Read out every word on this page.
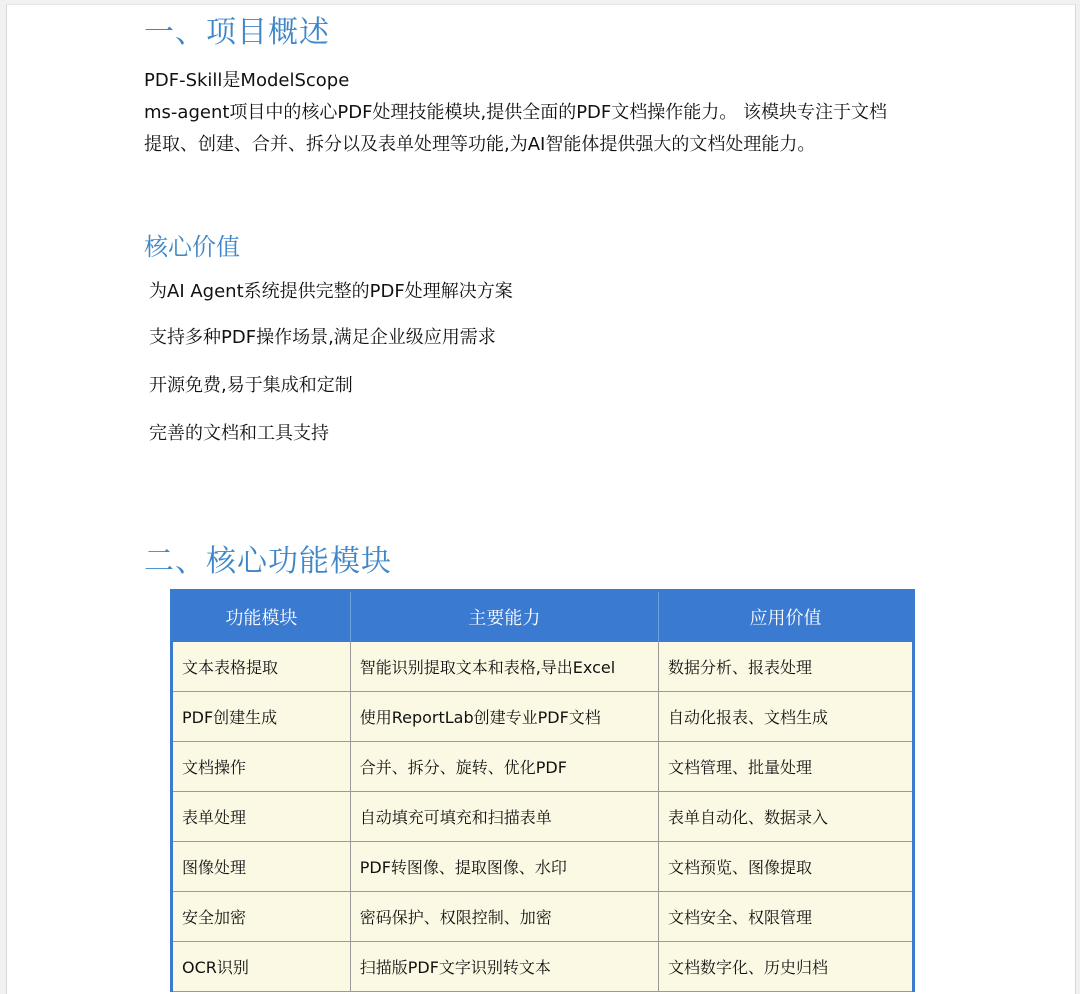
一、项目概述
PDF-Skill是ModelScope
ms-agent项目中的核心PDF处理技能模块,提供全面的PDF文档操作能力。 该模块专注于文档
提取、创建、合并、拆分以及表单处理等功能,为AI智能体提供强大的文档处理能力。
核心价值
为AI Agent系统提供完整的PDF处理解决方案
支持多种PDF操作场景,满足企业级应用需求
开源免费,易于集成和定制
完善的文档和工具支持
二、核心功能模块
功能模块	主要能力	应用价值
文本表格提取	智能识别提取文本和表格,导出Excel	数据分析、报表处理
PDF创建生成	使用ReportLab创建专业PDF文档	自动化报表、文档生成
文档操作	合并、拆分、旋转、优化PDF	文档管理、批量处理
表单处理	自动填充可填充和扫描表单	表单自动化、数据录入
图像处理	PDF转图像、提取图像、水印	文档预览、图像提取
安全加密	密码保护、权限控制、加密	文档安全、权限管理
OCR识别	扫描版PDF文字识别转文本	文档数字化、历史归档
